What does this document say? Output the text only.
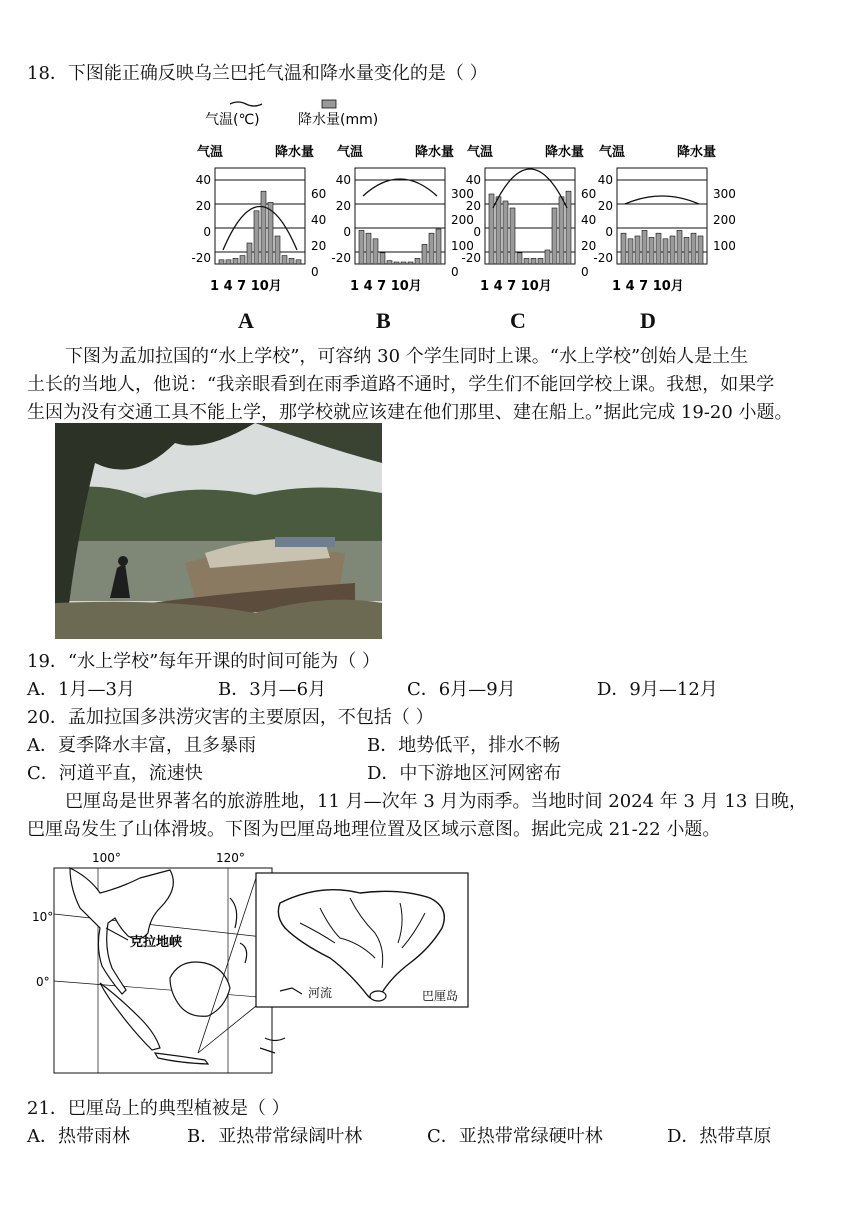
18．下图能正确反映乌兰巴托气温和降水量变化的是（ ）
气温(℃)	降水量(mm)
气温	降水量
40
20
0
-20
60
40
20
0
1 4 7 10月
气温	降水量
40
20
0
-20
300
200
100
0
1 4 7 10月
气温	降水量
40
20
0
-20
60
40
20
0
1 4 7 10月
气温	降水量
40
20
0
-20
300
200
100
1 4 7 10月
A	B	C	D
下图为孟加拉国的“水上学校”，可容纳 30 个学生同时上课。“水上学校”创始人是土生
土长的当地人，他说：“我亲眼看到在雨季道路不通时，学生们不能回学校上课。我想，如果学
生因为没有交通工具不能上学，那学校就应该建在他们那里、建在船上。”据此完成 19-20 小题。
19．“水上学校”每年开课的时间可能为（ ）
A．1月—3月	B．3月—6月	C．6月—9月	D．9月—12月
20．孟加拉国多洪涝灾害的主要原因，不包括（ ）
A．夏季降水丰富，且多暴雨	B．地势低平，排水不畅
C．河道平直，流速快	D．中下游地区河网密布
巴厘岛是世界著名的旅游胜地，11 月—次年 3 月为雨季。当地时间 2024 年 3 月 13 日晚，
巴厘岛发生了山体滑坡。下图为巴厘岛地理位置及区域示意图。据此完成 21-22 小题。
100°	120°
10°
0°
克拉地峡
河流	巴厘岛
21．巴厘岛上的典型植被是（ ）
A．热带雨林	B．亚热带常绿阔叶林	C．亚热带常绿硬叶林	D．热带草原
